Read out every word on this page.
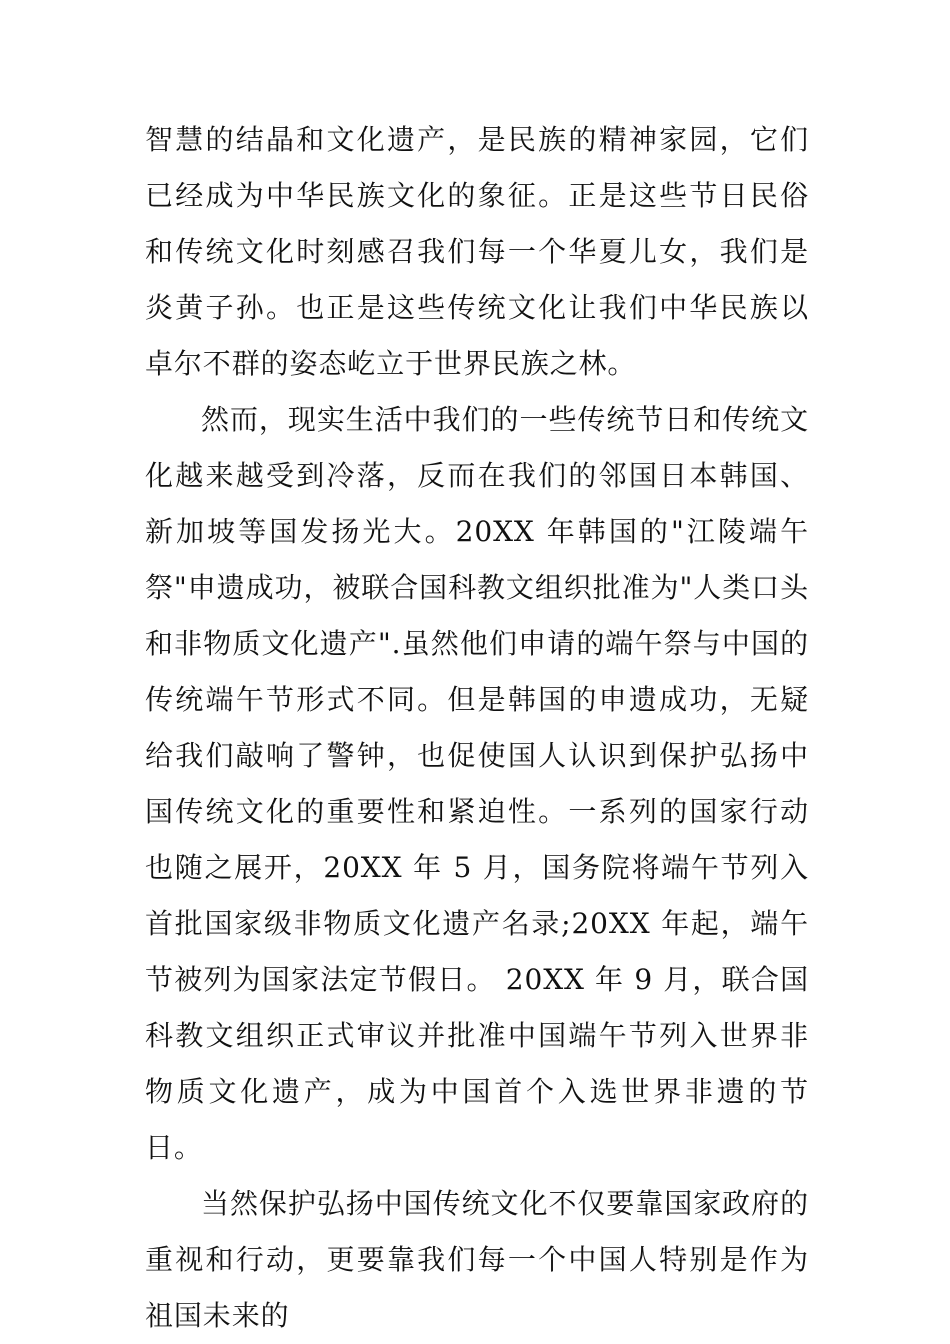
智慧的结晶和文化遗产，是民族的精神家园，它们已经成为中华民族文化的象征。正是这些节日民俗和传统文化时刻感召我们每一个华夏儿女，我们是炎黄子孙。也正是这些传统文化让我们中华民族以卓尔不群的姿态屹立于世界民族之林。

然而，现实生活中我们的一些传统节日和传统文化越来越受到冷落，反而在我们的邻国日本韩国、新加坡等国发扬光大。20XX 年韩国的"江陵端午祭"申遗成功，被联合国科教文组织批准为"人类口头和非物质文化遗产".虽然他们申请的端午祭与中国的传统端午节形式不同。但是韩国的申遗成功，无疑给我们敲响了警钟，也促使国人认识到保护弘扬中国传统文化的重要性和紧迫性。一系列的国家行动也随之展开，20XX 年 5 月，国务院将端午节列入首批国家级非物质文化遗产名录;20XX 年起，端午节被列为国家法定节假日。 20XX 年 9 月，联合国科教文组织正式审议并批准中国端午节列入世界非物质文化遗产，成为中国首个入选世界非遗的节日。

当然保护弘扬中国传统文化不仅要靠国家政府的重视和行动，更要靠我们每一个中国人特别是作为祖国未来的
